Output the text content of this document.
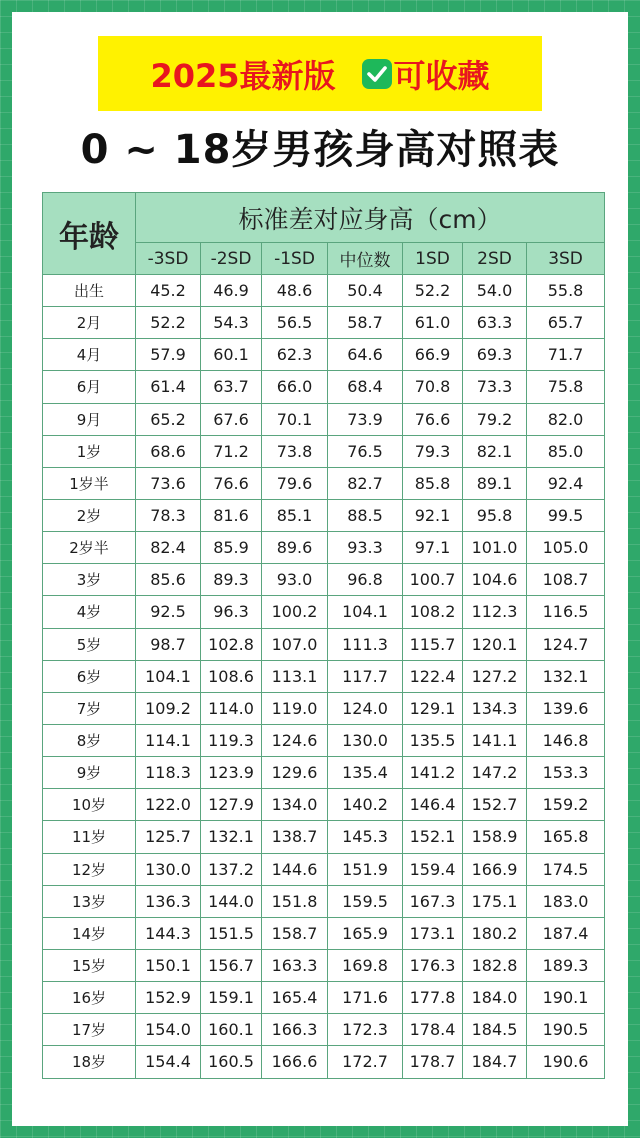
2025最新版 可收藏
0 ~ 18岁男孩身高对照表
年龄	标准差对应身高（cm）						
	-3SD	-2SD	-1SD	中位数	1SD	2SD	3SD
出生	45.2	46.9	48.6	50.4	52.2	54.0	55.8
2月	52.2	54.3	56.5	58.7	61.0	63.3	65.7
4月	57.9	60.1	62.3	64.6	66.9	69.3	71.7
6月	61.4	63.7	66.0	68.4	70.8	73.3	75.8
9月	65.2	67.6	70.1	73.9	76.6	79.2	82.0
1岁	68.6	71.2	73.8	76.5	79.3	82.1	85.0
1岁半	73.6	76.6	79.6	82.7	85.8	89.1	92.4
2岁	78.3	81.6	85.1	88.5	92.1	95.8	99.5
2岁半	82.4	85.9	89.6	93.3	97.1	101.0	105.0
3岁	85.6	89.3	93.0	96.8	100.7	104.6	108.7
4岁	92.5	96.3	100.2	104.1	108.2	112.3	116.5
5岁	98.7	102.8	107.0	111.3	115.7	120.1	124.7
6岁	104.1	108.6	113.1	117.7	122.4	127.2	132.1
7岁	109.2	114.0	119.0	124.0	129.1	134.3	139.6
8岁	114.1	119.3	124.6	130.0	135.5	141.1	146.8
9岁	118.3	123.9	129.6	135.4	141.2	147.2	153.3
10岁	122.0	127.9	134.0	140.2	146.4	152.7	159.2
11岁	125.7	132.1	138.7	145.3	152.1	158.9	165.8
12岁	130.0	137.2	144.6	151.9	159.4	166.9	174.5
13岁	136.3	144.0	151.8	159.5	167.3	175.1	183.0
14岁	144.3	151.5	158.7	165.9	173.1	180.2	187.4
15岁	150.1	156.7	163.3	169.8	176.3	182.8	189.3
16岁	152.9	159.1	165.4	171.6	177.8	184.0	190.1
17岁	154.0	160.1	166.3	172.3	178.4	184.5	190.5
18岁	154.4	160.5	166.6	172.7	178.7	184.7	190.6
